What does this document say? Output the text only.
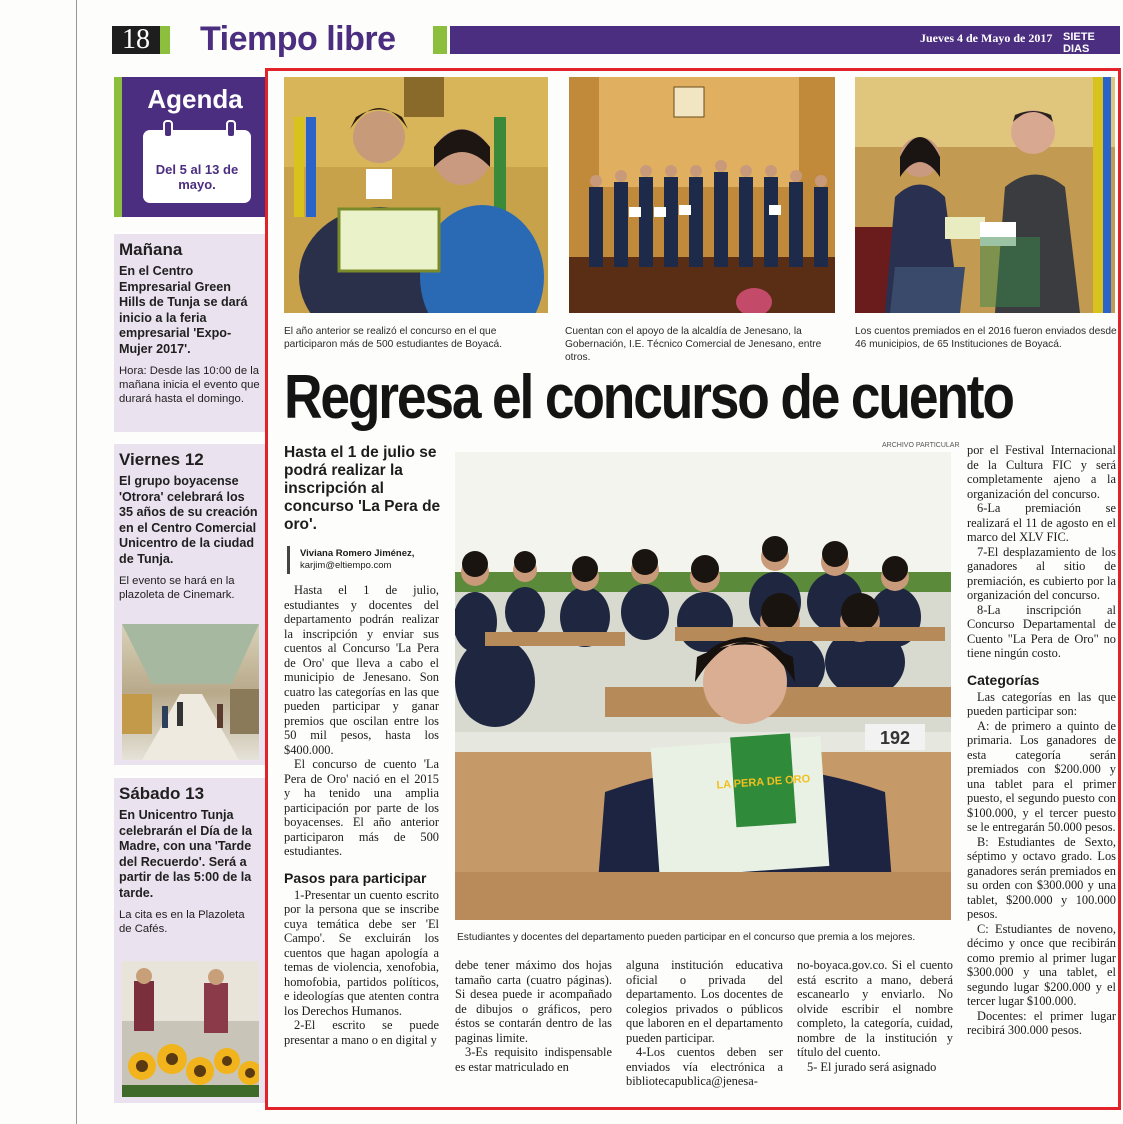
18 Tiempo libre	Jueves 4 de Mayo de 2017 SIETE DIAS
Agenda
Del 5 al 13 de mayo.
Mañana
En el Centro Empresarial Green Hills de Tunja se dará inicio a la feria empresarial 'Expo-Mujer 2017'.
Hora: Desde las 10:00 de la mañana inicia el evento que durará hasta el domingo.
Viernes 12
El grupo boyacense 'Otrora' celebrará los 35 años de su creación en el Centro Comercial Unicentro de la ciudad de Tunja.
El evento se hará en la plazoleta de Cinemark.
Sábado 13
En Unicentro Tunja celebrarán el Día de la Madre, con una 'Tarde del Recuerdo'. Será a partir de las 5:00 de la tarde.
La cita es en la Plazoleta de Cafés.
El año anterior se realizó el concurso en el que participaron más de 500 estudiantes de Boyacá.
Cuentan con el apoyo de la alcaldía de Jenesano, la Gobernación, I.E. Técnico Comercial de Jenesano, entre otros.
Los cuentos premiados en el 2016 fueron enviados desde 46 municipios, de 65 Instituciones de Boyacá.
Regresa el concurso de cuento
Hasta el 1 de julio se podrá realizar la inscripción al concurso 'La Pera de oro'.
Viviana Romero Jiménez,
karjim@eltiempo.com
ARCHIVO PARTICULAR
192
LA PERA DE ORO
Estudiantes y docentes del departamento pueden participar en el concurso que premia a los mejores.

Hasta el 1 de julio, estudiantes y docentes del departamento podrán realizar la inscripción y enviar sus cuentos al Concurso 'La Pera de Oro' que lleva a cabo el municipio de Jenesano. Son cuatro las categorías en las que pueden participar y ganar premios que oscilan entre los 50 mil pesos, hasta los $400.000.

El concurso de cuento 'La Pera de Oro' nació en el 2015 y ha tenido una amplia participación por parte de los boyacenses. El año anterior participaron más de 500 estudiantes.

Pasos para participar

1-Presentar un cuento escrito por la persona que se inscribe cuya temática debe ser 'El Campo'. Se excluirán los cuentos que hagan apología a temas de violencia, xenofobia, homofobia, partidos políticos, e ideologías que atenten contra los Derechos Humanos.

2-El escrito se puede presentar a mano o en digital y

debe tener máximo dos hojas tamaño carta (cuatro páginas). Si desea puede ir acompañado de dibujos o gráficos, pero éstos se contarán dentro de las paginas limite.

3-Es requisito indispensable es estar matriculado en

alguna institución educativa oficial o privada del departamento. Los docentes de colegios privados o públicos que laboren en el departamento pueden participar.

4-Los cuentos deben ser enviados vía electrónica a bibliotecapublica@jenesa-

no-boyaca.gov.co. Si el cuento está escrito a mano, deberá escanearlo y enviarlo. No olvide escribir el nombre completo, la categoría, cuidad, nombre de la institución y título del cuento.

5- El jurado será asignado

por el Festival Internacional de la Cultura FIC y será completamente ajeno a la organización del concurso.

6-La premiación se realizará el 11 de agosto en el marco del XLV FIC.

7-El desplazamiento de los ganadores al sitio de premiación, es cubierto por la organización del concurso.

8-La inscripción al Concurso Departamental de Cuento "La Pera de Oro" no tiene ningún costo.

Categorías

Las categorías en las que pueden participar son:

A: de primero a quinto de primaria. Los ganadores de esta categoría serán premiados con $200.000 y una tablet para el primer puesto, el segundo puesto con $100.000, y el tercer puesto se le entregarán 50.000 pesos.

B: Estudiantes de Sexto, séptimo y octavo grado. Los ganadores serán premiados en su orden con $300.000 y una tablet, $200.000 y 100.000 pesos.

C: Estudiantes de noveno, décimo y once que recibirán como premio al primer lugar $300.000 y una tablet, el segundo lugar $200.000 y el tercer lugar $100.000.

Docentes: el primer lugar recibirá 300.000 pesos.
